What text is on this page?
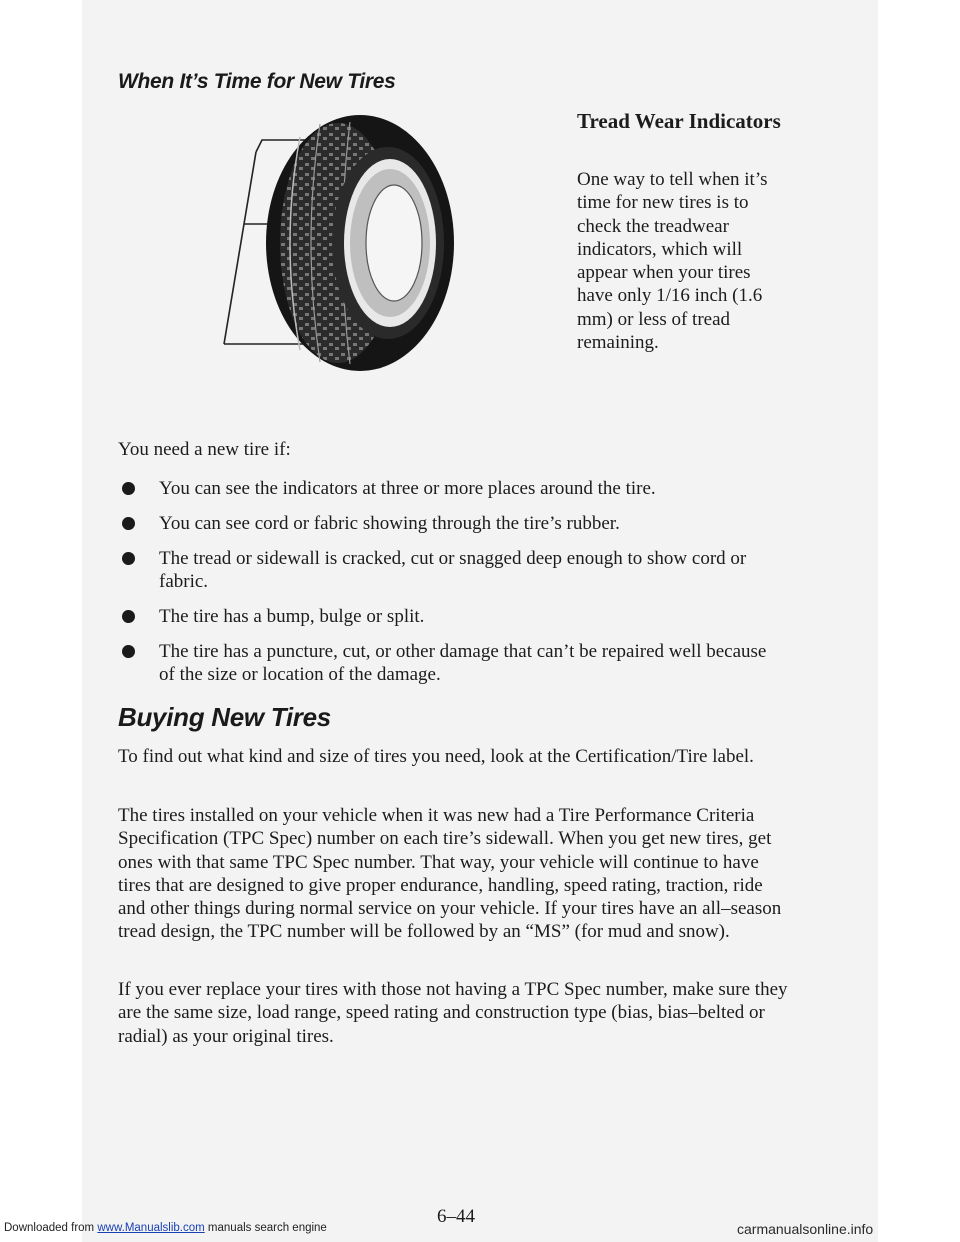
When It’s Time for New Tires
Tread Wear Indicators

One way to tell when it’s time for new tires is to check the treadwear indicators, which will appear when your tires have only 1/16 inch (1.6 mm) or less of tread remaining.

You need a new tire if:

You can see the indicators at three or more places around the tire.
You can see cord or fabric showing through the tire’s rubber.
The tread or sidewall is cracked, cut or snagged deep enough to show cord or fabric.
The tire has a bump, bulge or split.
The tire has a puncture, cut, or other damage that can’t be repaired well because of the size or location of the damage.
Buying New Tires

To find out what kind and size of tires you need, look at the Certification/Tire label.

The tires installed on your vehicle when it was new had a Tire Performance Criteria Specification (TPC Spec) number on each tire’s sidewall. When you get new tires, get ones with that same TPC Spec number. That way, your vehicle will continue to have tires that are designed to give proper endurance, handling, speed rating, traction, ride and other things during normal service on your vehicle. If your tires have an all–season tread design, the TPC number will be followed by an “MS” (for mud and snow).

If you ever replace your tires with those not having a TPC Spec number, make sure they are the same size, load range, speed rating and construction type (bias, bias–belted or radial) as your original tires.

6–44

Downloaded from www.Manualslib.com manuals search engine	carmanualsonline.info
